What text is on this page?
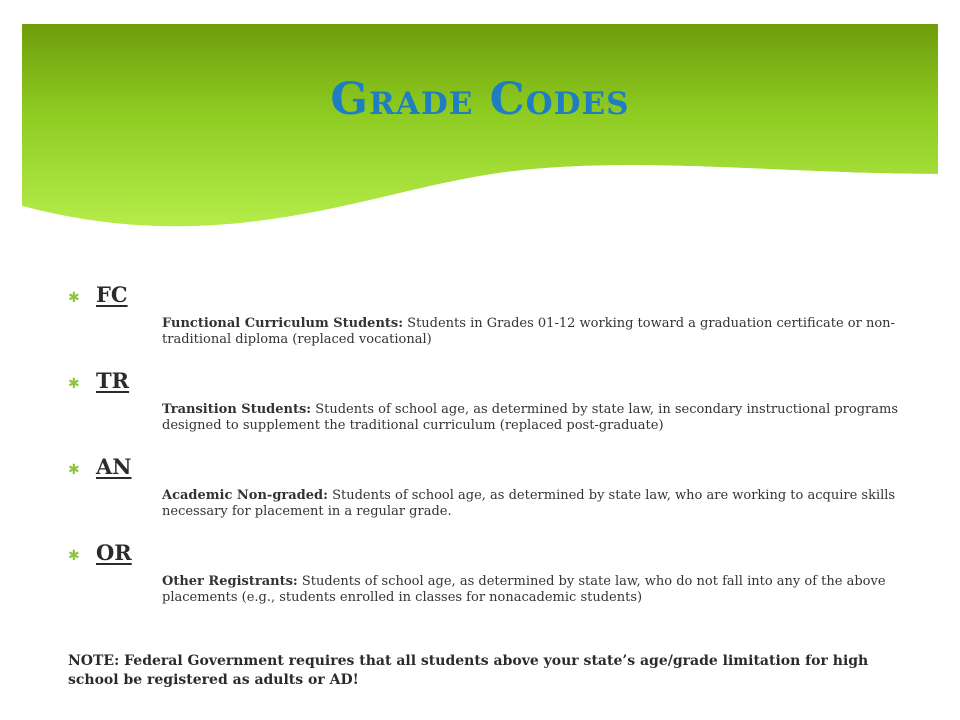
Grade Codes
✱ FC
Functional Curriculum Students: Students in Grades 01-12 working toward a graduation certificate or non-traditional diploma (replaced vocational)
✱ TR
Transition Students: Students of school age, as determined by state law, in secondary instructional programs designed to supplement the traditional curriculum (replaced post-graduate)
✱ AN
Academic Non-graded: Students of school age, as determined by state law, who are working to acquire skills necessary for placement in a regular grade.
✱ OR
Other Registrants: Students of school age, as determined by state law, who do not fall into any of the above placements (e.g., students enrolled in classes for nonacademic students)
NOTE: Federal Government requires that all students above your state’s age/grade limitation for high school be registered as adults or AD!
